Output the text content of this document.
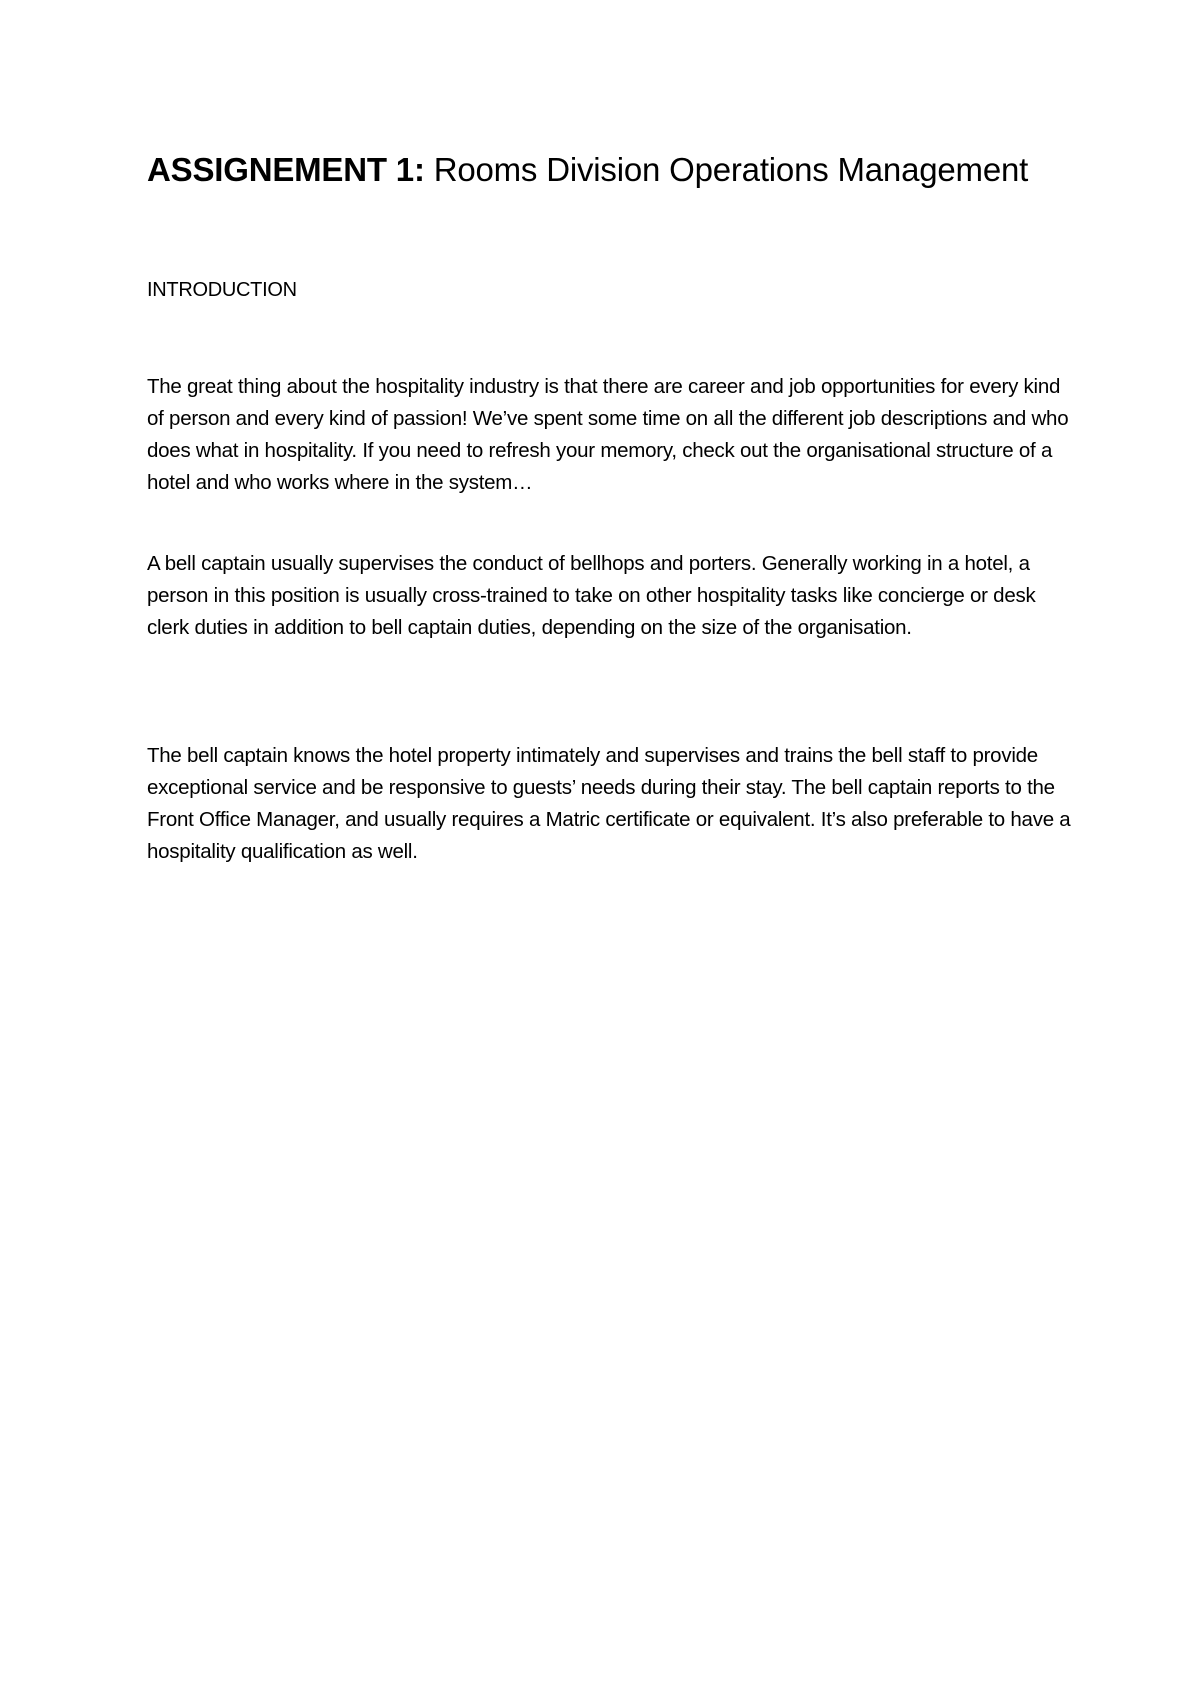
ASSIGNEMENT 1: Rooms Division Operations Management
INTRODUCTION

The great thing about the hospitality industry is that there are career and job opportunities for every kind of person and every kind of passion! We’ve spent some time on all the different job descriptions and who does what in hospitality. If you need to refresh your memory, check out the organisational structure of a hotel and who works where in the system…

A bell captain usually supervises the conduct of bellhops and porters. Generally working in a hotel, a person in this position is usually cross-trained to take on other hospitality tasks like concierge or desk clerk duties in addition to bell captain duties, depending on the size of the organisation.

The bell captain knows the hotel property intimately and supervises and trains the bell staff to provide exceptional service and be responsive to guests’ needs during their stay. The bell captain reports to the Front Office Manager, and usually requires a Matric certificate or equivalent. It’s also preferable to have a hospitality qualification as well.
